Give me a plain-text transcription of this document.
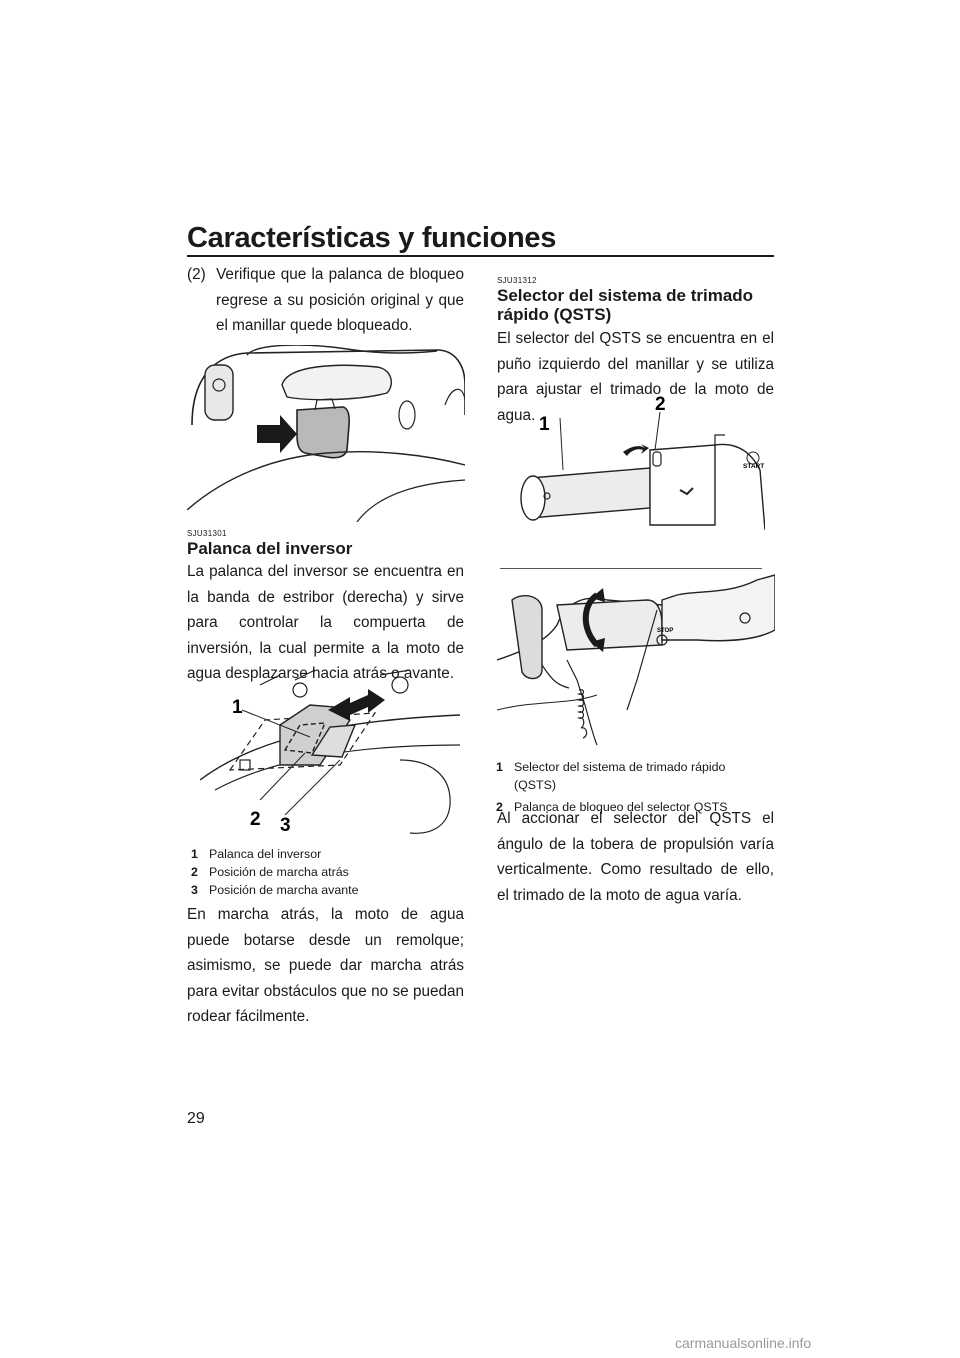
Características y funciones
(2) Verifique que la palanca de bloqueo regrese a su posición original y que el manillar quede bloqueado.
SJU31301
Palanca del inversor
La palanca del inversor se encuentra en la banda de estribor (derecha) y sirve para controlar la compuerta de inversión, la cual permite a la moto de agua desplazarse hacia atrás o avante.
1
2 3
1 Palanca del inversor
2 Posición de marcha atrás
3 Posición de marcha avante
En marcha atrás, la moto de agua puede botarse desde un remolque; asimismo, se puede dar marcha atrás para evitar obstáculos que no se puedan rodear fácilmente.
SJU31312
Selector del sistema de trimado
rápido (QSTS)
El selector del QSTS se encuentra en el puño izquierdo del manillar y se utiliza para ajustar el trimado de la moto de agua.
START
1
2
STOP
1 Selector del sistema de trimado rápido (QSTS)
2 Palanca de bloqueo del selector QSTS
Al accionar el selector del QSTS el ángulo de la tobera de propulsión varía verticalmente. Como resultado de ello, el trimado de la moto de agua varía.
29
carmanualsonline.info
